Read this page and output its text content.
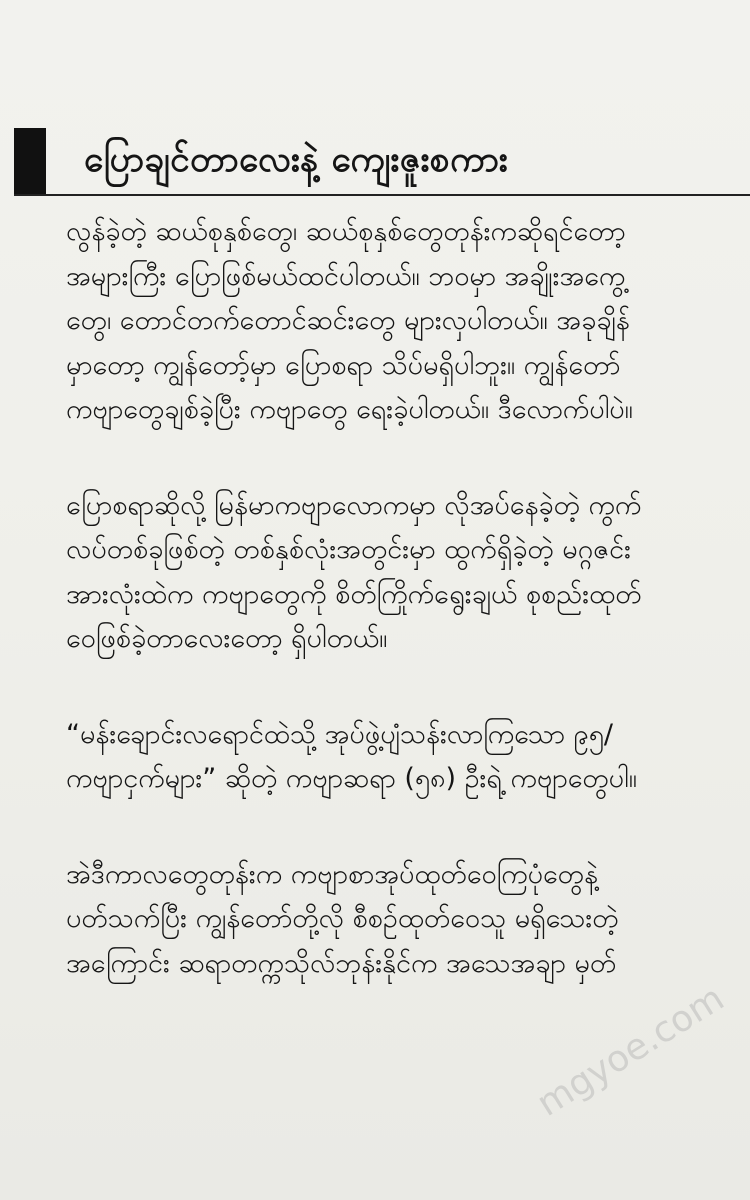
ပြောချင်တာလေးနဲ့ ကျေးဇူးစကား
လွန်ခဲ့တဲ့ ဆယ်စုနှစ်တွေ၊ ဆယ်စုနှစ်တွေတုန်းကဆိုရင်တော့
အများကြီး ပြောဖြစ်မယ်ထင်ပါတယ်။ ဘဝမှာ အချိုးအကွေ့
တွေ၊ တောင်တက်တောင်ဆင်းတွေ များလှပါတယ်။ အခုချိန်
မှာတော့ ကျွန်တော့်မှာ ပြောစရာ သိပ်မရှိပါဘူး။ ကျွန်တော်
ကဗျာတွေချစ်ခဲ့ပြီး ကဗျာတွေ ရေးခဲ့ပါတယ်။ ဒီလောက်ပါပဲ။
ပြောစရာဆိုလို့ မြန်မာကဗျာလောကမှာ လိုအပ်နေခဲ့တဲ့ ကွက်
လပ်တစ်ခုဖြစ်တဲ့ တစ်နှစ်လုံးအတွင်းမှာ ထွက်ရှိခဲ့တဲ့ မဂ္ဂဇင်း
အားလုံးထဲက ကဗျာတွေကို စိတ်ကြိုက်ရွေးချယ် စုစည်းထုတ်
ဝေဖြစ်ခဲ့တာလေးတော့ ရှိပါတယ်။
“မန်းချောင်းလရောင်ထဲသို့ အုပ်ဖွဲ့ပျံသန်းလာကြသော ၉၅/
ကဗျာငှက်များ” ဆိုတဲ့ ကဗျာဆရာ (၅၈) ဦးရဲ့ ကဗျာတွေပါ။
အဲဒီကာလတွေတုန်းက ကဗျာစာအုပ်ထုတ်ဝေကြပုံတွေနဲ့
ပတ်သက်ပြီး ကျွန်တော်တို့လို စီစဉ်ထုတ်ဝေသူ မရှိသေးတဲ့
အကြောင်း ဆရာတက္ကသိုလ်ဘုန်းနိုင်က အသေအချာ မှတ်
mgyoe.com
